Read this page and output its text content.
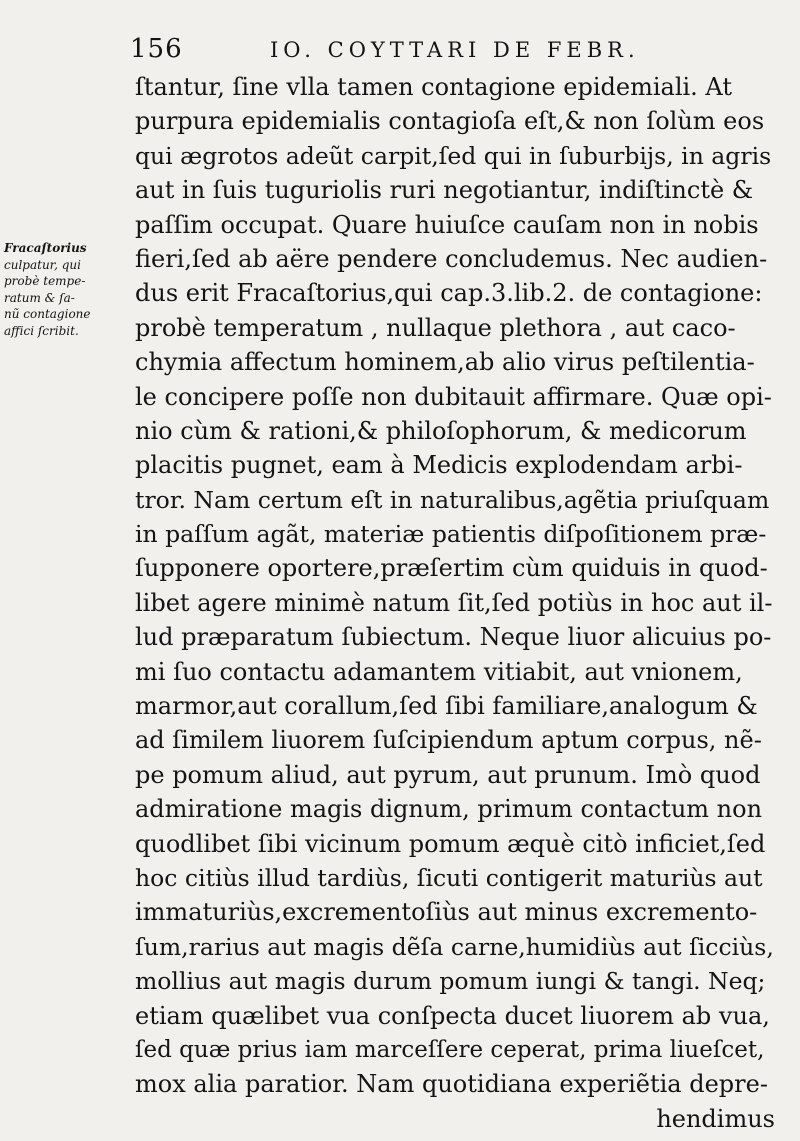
156	IO. COYTTARI DE FEBR.
Fracaſtorius
culpatur, qui
probè tempe-
ratum & ſa-
nũ contagione
affici ſcribit.
ſtantur, ſine vlla tamen contagione epidemiali. At
purpura epidemialis contagioſa eſt,& non ſolùm eos
qui ægrotos adeũt carpit,ſed qui in ſuburbijs, in agris
aut in ſuis tuguriolis ruri negotiantur, indiſtinctè &
paſſim occupat. Quare huiuſce cauſam non in nobis
fieri,ſed ab aëre pendere concludemus. Nec audien-
dus erit Fracaſtorius,qui cap.3.lib.2. de contagione:
probè temperatum , nullaque plethora , aut caco-
chymia affectum hominem,ab alio virus peſtilentia-
le concipere poſſe non dubitauit affirmare. Quæ opi-
nio cùm & rationi,& philoſophorum, & medicorum
placitis pugnet, eam à Medicis explodendam arbi-
tror. Nam certum eſt in naturalibus,agẽtia priuſquam
in paſſum agãt, materiæ patientis diſpoſitionem præ-
ſupponere oportere,præſertim cùm quiduis in quod-
libet agere minimè natum ſit,ſed potiùs in hoc aut il-
lud præparatum ſubiectum. Neque liuor alicuius po-
mi ſuo contactu adamantem vitiabit, aut vnionem,
marmor,aut corallum,ſed ſibi familiare,analogum &
ad ſimilem liuorem ſuſcipiendum aptum corpus, nẽ-
pe pomum aliud, aut pyrum, aut prunum. Imò quod
admiratione magis dignum, primum contactum non
quodlibet ſibi vicinum pomum æquè citò inficiet,ſed
hoc citiùs illud tardiùs, ſicuti contigerit maturiùs aut
immaturiùs,excrementoſiùs aut minus excremento-
ſum,rarius aut magis dẽſa carne,humidiùs aut ſicciùs,
mollius aut magis durum pomum iungi & tangi. Neq;
etiam quælibet vua conſpecta ducet liuorem ab vua,
ſed quæ prius iam marceſſere ceperat, prima liueſcet,
mox alia paratior. Nam quotidiana experiẽtia depre-
hendimus
